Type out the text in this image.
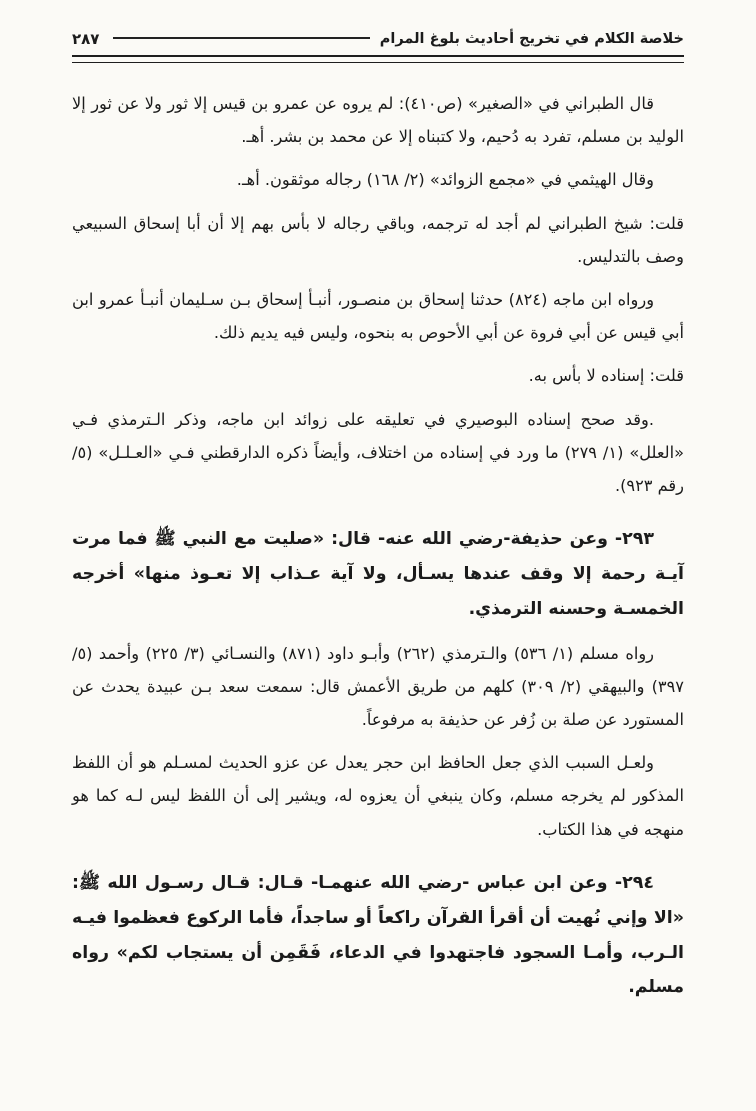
خلاصة الكلام في تخريج أحاديث بلوغ المرام
٢٨٧

قال الطبراني في «الصغير» (ص٤١٠): لم يروه عن عمرو بن قيس إلا ثور ولا عن ثور إلا الوليد بن مسلم، تفرد به دُحيم، ولا كتبناه إلا عن محمد بن بشر. أهـ.

وقال الهيثمي في «مجمع الزوائد» (٢/ ١٦٨) رجاله موثقون. أهـ.

قلت: شيخ الطبراني لم أجد له ترجمه، وباقي رجاله لا بأس بهم إلا أن أبا إسحاق السبيعي وصف بالتدليس.

ورواه ابن ماجه (٨٢٤) حدثنا إسحاق بن منصـور، أنبـأ إسحاق بـن سـليمان أنبـأ عمرو ابن أبي قيس عن أبي فروة عن أبي الأحوص به بنحوه، وليس فيه يديم ذلك.

قلت: إسناده لا بأس به.

.وقد صحح إسناده البوصيري في تعليقه على زوائد ابن ماجه، وذكر الـترمذي فـي «العلل» (١/ ٢٧٩) ما ورد في إسناده من اختلاف، وأيضاً ذكره الدارقطني فـي «العـلـل» (٥/ رقم ٩٢٣).

٢٩٣- وعن حذيفة-رضي الله عنه- قال: «صليت مع النبي ﷺ فما مرت آيـة رحمة إلا وقف عندها يسـأل، ولا آية عـذاب إلا تعـوذ منها» أخرجه الخمسـة وحسنه الترمذي.

رواه مسلم (١/ ٥٣٦) والـترمذي (٢٦٢) وأبـو داود (٨٧١) والنسـائي (٣/ ٢٢٥) وأحمد (٥/ ٣٩٧) والبيهقي (٢/ ٣٠٩) كلهم من طريق الأعمش قال: سمعت سعد بـن عبيدة يحدث عن المستورد عن صلة بن زُفر عن حذيفة به مرفوعاً.

ولعـل السبب الذي جعل الحافظ ابن حجر يعدل عن عزو الحديث لمسـلم هو أن اللفظ المذكور لم يخرجه مسلم، وكان ينبغي أن يعزوه له، ويشير إلى أن اللفظ ليس لـه كما هو منهجه في هذا الكتاب.

٢٩٤- وعن ابن عباس -رضي الله عنهمـا- قـال: قـال رسـول الله ﷺ: «الا وإني نُهيت أن أقرأ القرآن راكعاً أو ساجداً، فأما الركوع فعظموا فيـه الـرب، وأمـا السجود فاجتهدوا في الدعاء، فَقَمِن أن يستجاب لكم» رواه مسلم.
